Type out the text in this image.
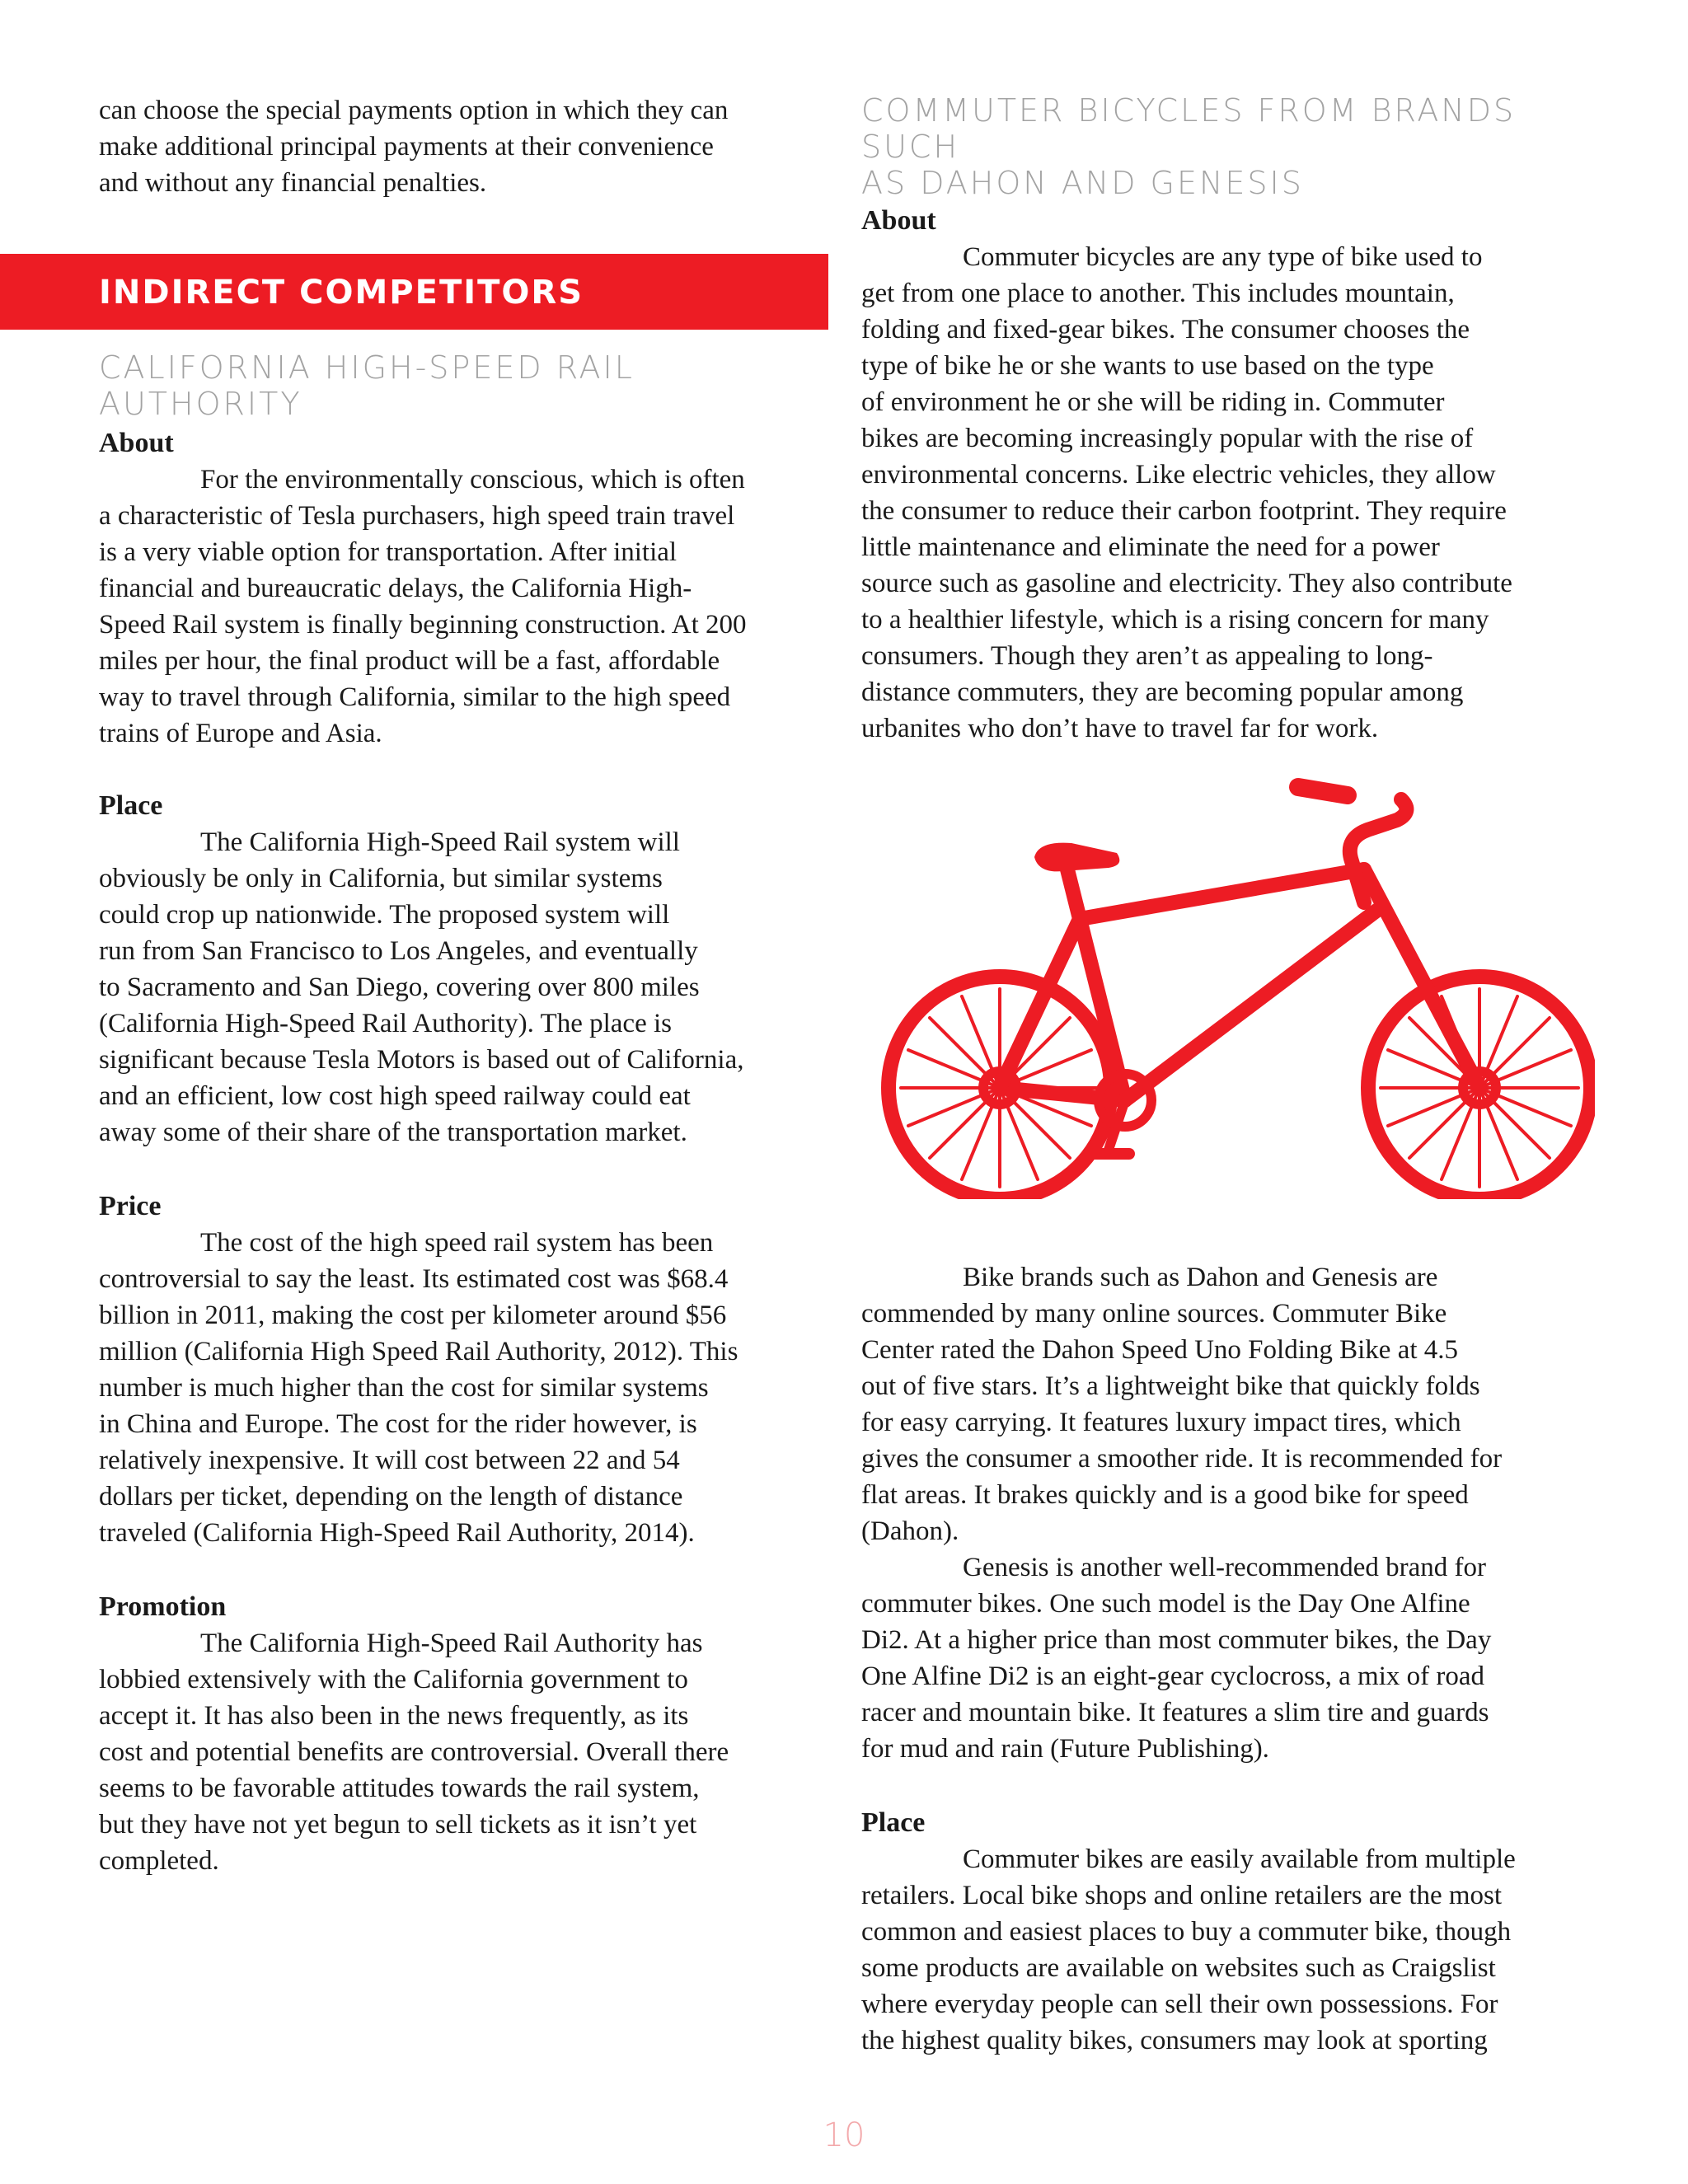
can choose the special payments option in which they can
make additional principal payments at their convenience
and without any financial penalties.

INDIRECT COMPETITORS
CALIFORNIA HIGH-SPEED RAIL AUTHORITY
About

For the environmentally conscious, which is often
a characteristic of Tesla purchasers, high speed train travel
is a very viable option for transportation. After initial
financial and bureaucratic delays, the California High-
Speed Rail system is finally beginning construction. At 200
miles per hour, the final product will be a fast, affordable
way to travel through California, similar to the high speed
trains of Europe and Asia.

Place

The California High-Speed Rail system will
obviously be only in California, but similar systems
could crop up nationwide. The proposed system will
run from San Francisco to Los Angeles, and eventually
to Sacramento and San Diego, covering over 800 miles
(California High-Speed Rail Authority). The place is
significant because Tesla Motors is based out of California,
and an efficient, low cost high speed railway could eat
away some of their share of the transportation market.

Price

The cost of the high speed rail system has been
controversial to say the least. Its estimated cost was $68.4
billion in 2011, making the cost per kilometer around $56
million (California High Speed Rail Authority, 2012). This
number is much higher than the cost for similar systems
in China and Europe. The cost for the rider however, is
relatively inexpensive. It will cost between 22 and 54
dollars per ticket, depending on the length of distance
traveled (California High-Speed Rail Authority, 2014).

Promotion

The California High-Speed Rail Authority has
lobbied extensively with the California government to
accept it. It has also been in the news frequently, as its
cost and potential benefits are controversial. Overall there
seems to be favorable attitudes towards the rail system,
but they have not yet begun to sell tickets as it isn’t yet
completed.

COMMUTER BICYCLES FROM BRANDS SUCH
AS DAHON AND GENESIS
About

Commuter bicycles are any type of bike used to
get from one place to another. This includes mountain,
folding and fixed-gear bikes. The consumer chooses the
type of bike he or she wants to use based on the type
of environment he or she will be riding in. Commuter
bikes are becoming increasingly popular with the rise of
environmental concerns. Like electric vehicles, they allow
the consumer to reduce their carbon footprint. They require
little maintenance and eliminate the need for a power
source such as gasoline and electricity. They also contribute
to a healthier lifestyle, which is a rising concern for many
consumers. Though they aren’t as appealing to long-
distance commuters, they are becoming popular among
urbanites who don’t have to travel far for work.

Bike brands such as Dahon and Genesis are
commended by many online sources. Commuter Bike
Center rated the Dahon Speed Uno Folding Bike at 4.5
out of five stars. It’s a lightweight bike that quickly folds
for easy carrying. It features luxury impact tires, which
gives the consumer a smoother ride. It is recommended for
flat areas. It brakes quickly and is a good bike for speed
(Dahon).

Genesis is another well-recommended brand for
commuter bikes. One such model is the Day One Alfine
Di2. At a higher price than most commuter bikes, the Day
One Alfine Di2 is an eight-gear cyclocross, a mix of road
racer and mountain bike. It features a slim tire and guards
for mud and rain (Future Publishing).

Place

Commuter bikes are easily available from multiple
retailers. Local bike shops and online retailers are the most
common and easiest places to buy a commuter bike, though
some products are available on websites such as Craigslist
where everyday people can sell their own possessions. For
the highest quality bikes, consumers may look at sporting

10
